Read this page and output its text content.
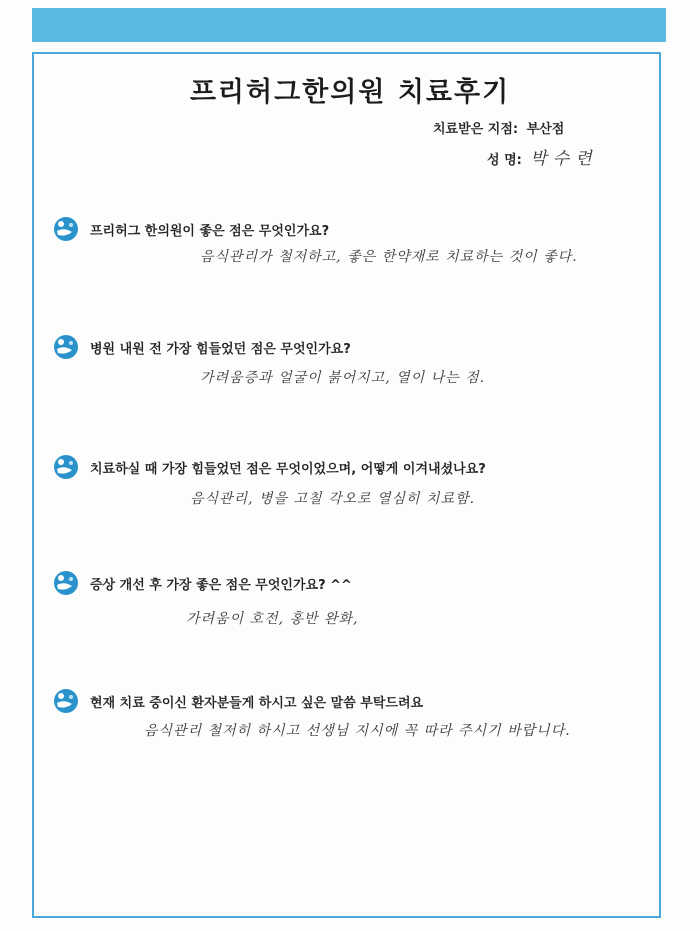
프리허그한의원 치료후기
치료받은 지점: 부산점
성 명: 박수련
프리허그 한의원이 좋은 점은 무엇인가요?
음식관리가 철저하고, 좋은 한약재로 치료하는 것이 좋다.
병원 내원 전 가장 힘들었던 점은 무엇인가요?
가려움증과 얼굴이 붉어지고, 열이 나는 점.
치료하실 때 가장 힘들었던 점은 무엇이었으며, 어떻게 이겨내셨나요?
음식관리, 병을 고칠 각오로 열심히 치료함.
증상 개선 후 가장 좋은 점은 무엇인가요? ^^
가려움이 호전, 홍반 완화,
현재 치료 중이신 환자분들게 하시고 싶은 말씀 부탁드려요
음식관리 철저히 하시고 선생님 지시에 꼭 따라 주시기 바랍니다.
